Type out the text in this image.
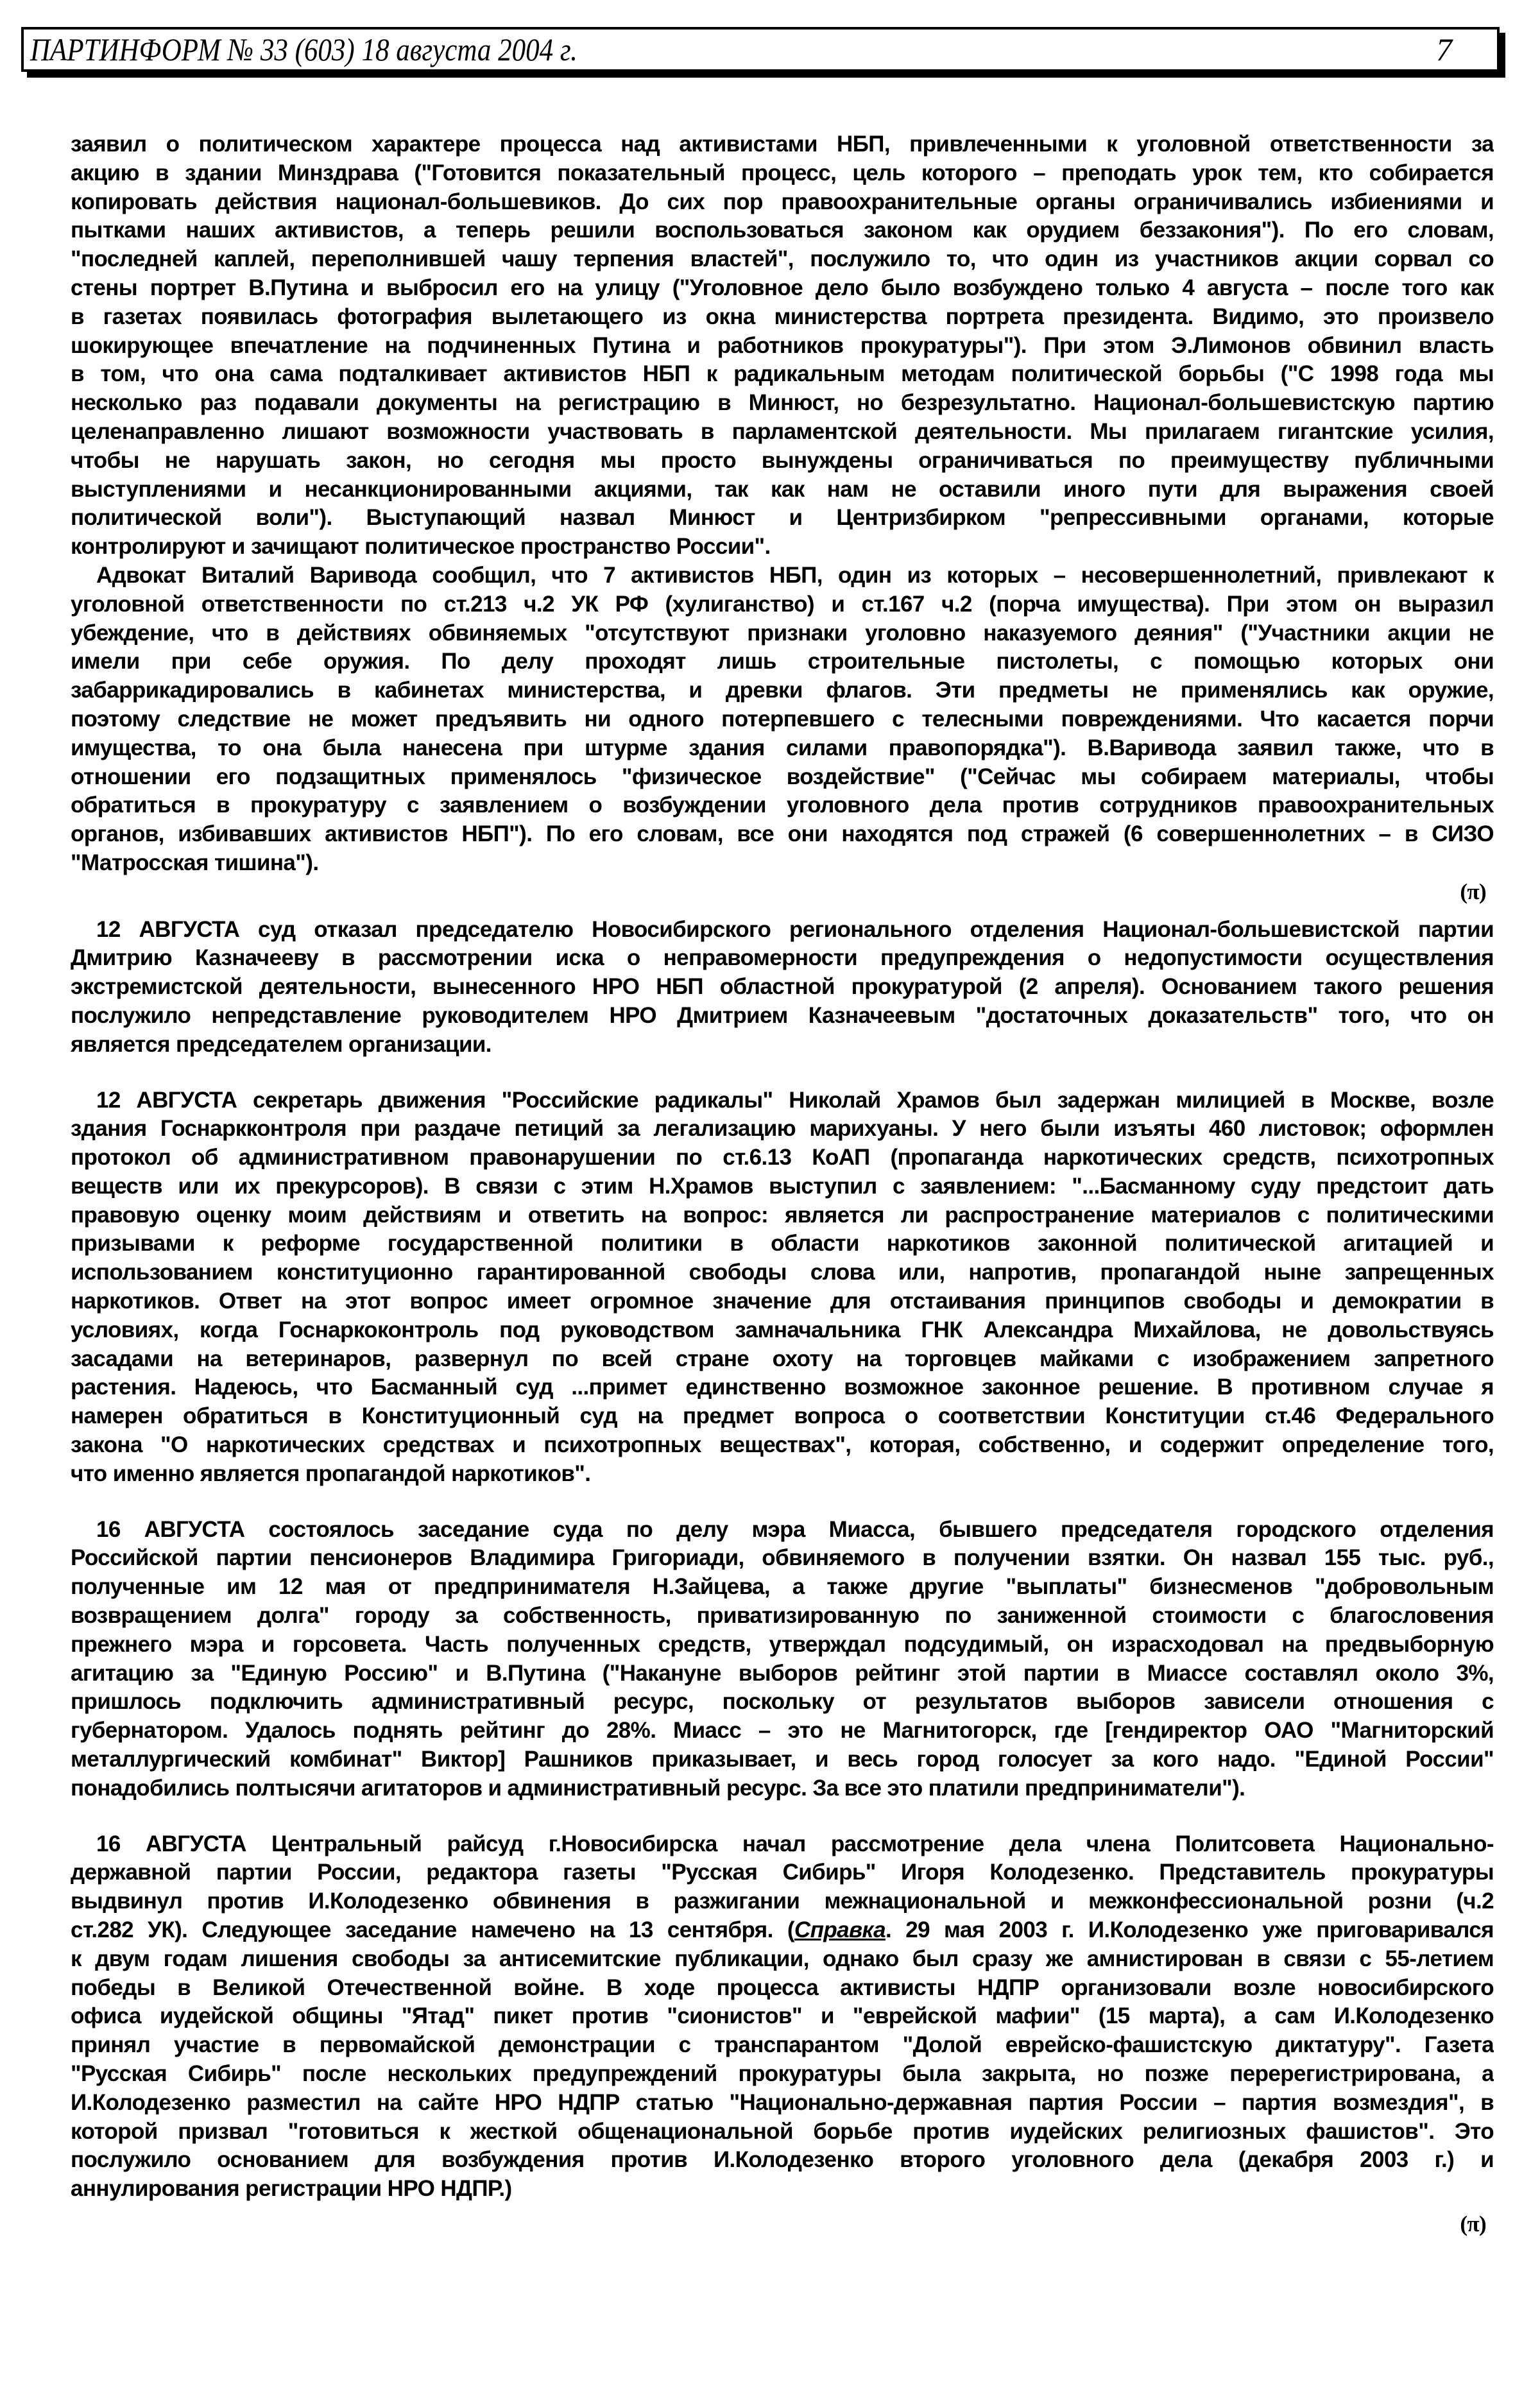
ПАРТИНФОРМ № 33 (603) 18 августа 2004 г.	7
заявил о политическом характере процесса над активистами НБП, привлеченными к уголовной ответственности за
акцию в здании Минздрава ("Готовится показательный процесс, цель которого – преподать урок тем, кто собирается
копировать действия национал-большевиков. До сих пор правоохранительные органы ограничивались избиениями и
пытками наших активистов, а теперь решили воспользоваться законом как орудием беззакония"). По его словам,
"последней каплей, переполнившей чашу терпения властей", послужило то, что один из участников акции сорвал со
стены портрет В.Путина и выбросил его на улицу ("Уголовное дело было возбуждено только 4 августа – после того как
в газетах появилась фотография вылетающего из окна министерства портрета президента. Видимо, это произвело
шокирующее впечатление на подчиненных Путина и работников прокуратуры"). При этом Э.Лимонов обвинил власть
в том, что она сама подталкивает активистов НБП к радикальным методам политической борьбы ("С 1998 года мы
несколько раз подавали документы на регистрацию в Минюст, но безрезультатно. Национал-большевистскую партию
целенаправленно лишают возможности участвовать в парламентской деятельности. Мы прилагаем гигантские усилия,
чтобы не нарушать закон, но сегодня мы просто вынуждены ограничиваться по преимуществу публичными
выступлениями и несанкционированными акциями, так как нам не оставили иного пути для выражения своей
политической воли"). Выступающий назвал Минюст и Центризбирком "репрессивными органами, которые
контролируют и зачищают политическое пространство России".
Адвокат Виталий Варивода сообщил, что 7 активистов НБП, один из которых – несовершеннолетний, привлекают к
уголовной ответственности по ст.213 ч.2 УК РФ (хулиганство) и ст.167 ч.2 (порча имущества). При этом он выразил
убеждение, что в действиях обвиняемых "отсутствуют признаки уголовно наказуемого деяния" ("Участники акции не
имели при себе оружия. По делу проходят лишь строительные пистолеты, с помощью которых они
забаррикадировались в кабинетах министерства, и древки флагов. Эти предметы не применялись как оружие,
поэтому следствие не может предъявить ни одного потерпевшего с телесными повреждениями. Что касается порчи
имущества, то она была нанесена при штурме здания силами правопорядка"). В.Варивода заявил также, что в
отношении его подзащитных применялось "физическое воздействие" ("Сейчас мы собираем материалы, чтобы
обратиться в прокуратуру с заявлением о возбуждении уголовного дела против сотрудников правоохранительных
органов, избивавших активистов НБП"). По его словам, все они находятся под стражей (6 совершеннолетних – в СИЗО
"Матросская тишина").
(π)
12 АВГУСТА суд отказал председателю Новосибирского регионального отделения Национал-большевистской партии
Дмитрию Казначееву в рассмотрении иска о неправомерности предупреждения о недопустимости осуществления
экстремистской деятельности, вынесенного НРО НБП областной прокуратурой (2 апреля). Основанием такого решения
послужило непредставление руководителем НРО Дмитрием Казначеевым "достаточных доказательств" того, что он
является председателем организации.
12 АВГУСТА секретарь движения "Российские радикалы" Николай Храмов был задержан милицией в Москве, возле
здания Госнаркконтроля при раздаче петиций за легализацию марихуаны. У него были изъяты 460 листовок; оформлен
протокол об административном правонарушении по ст.6.13 КоАП (пропаганда наркотических средств, психотропных
веществ или их прекурсоров). В связи с этим Н.Храмов выступил с заявлением: "...Басманному суду предстоит дать
правовую оценку моим действиям и ответить на вопрос: является ли распространение материалов с политическими
призывами к реформе государственной политики в области наркотиков законной политической агитацией и
использованием конституционно гарантированной свободы слова или, напротив, пропагандой ныне запрещенных
наркотиков. Ответ на этот вопрос имеет огромное значение для отстаивания принципов свободы и демократии в
условиях, когда Госнаркоконтроль под руководством замначальника ГНК Александра Михайлова, не довольствуясь
засадами на ветеринаров, развернул по всей стране охоту на торговцев майками с изображением запретного
растения. Надеюсь, что Басманный суд ...примет единственно возможное законное решение. В противном случае я
намерен обратиться в Конституционный суд на предмет вопроса о соответствии Конституции ст.46 Федерального
закона "О наркотических средствах и психотропных веществах", которая, собственно, и содержит определение того,
что именно является пропагандой наркотиков".
16 АВГУСТА состоялось заседание суда по делу мэра Миасса, бывшего председателя городского отделения
Российской партии пенсионеров Владимира Григориади, обвиняемого в получении взятки. Он назвал 155 тыс. руб.,
полученные им 12 мая от предпринимателя Н.Зайцева, а также другие "выплаты" бизнесменов "добровольным
возвращением долга" городу за собственность, приватизированную по заниженной стоимости с благословения
прежнего мэра и горсовета. Часть полученных средств, утверждал подсудимый, он израсходовал на предвыборную
агитацию за "Единую Россию" и В.Путина ("Накануне выборов рейтинг этой партии в Миассе составлял около 3%,
пришлось подключить административный ресурс, поскольку от результатов выборов зависели отношения с
губернатором. Удалось поднять рейтинг до 28%. Миасс – это не Магнитогорск, где [гендиректор ОАО "Магниторский
металлургический комбинат" Виктор] Рашников приказывает, и весь город голосует за кого надо. "Единой России"
понадобились полтысячи агитаторов и административный ресурс. За все это платили предприниматели").
16 АВГУСТА Центральный райсуд г.Новосибирска начал рассмотрение дела члена Политсовета Национально-
державной партии России, редактора газеты "Русская Сибирь" Игоря Колодезенко. Представитель прокуратуры
выдвинул против И.Колодезенко обвинения в разжигании межнациональной и межконфессиональной розни (ч.2
ст.282 УК). Следующее заседание намечено на 13 сентября. (Справка. 29 мая 2003 г. И.Колодезенко уже приговаривался
к двум годам лишения свободы за антисемитские публикации, однако был сразу же амнистирован в связи с 55-летием
победы в Великой Отечественной войне. В ходе процесса активисты НДПР организовали возле новосибирского
офиса иудейской общины "Ятад" пикет против "сионистов" и "еврейской мафии" (15 марта), а сам И.Колодезенко
принял участие в первомайской демонстрации с транспарантом "Долой еврейско-фашистскую диктатуру". Газета
"Русская Сибирь" после нескольких предупреждений прокуратуры была закрыта, но позже перерегистрирована, а
И.Колодезенко разместил на сайте НРО НДПР статью "Национально-державная партия России – партия возмездия", в
которой призвал "готовиться к жесткой общенациональной борьбе против иудейских религиозных фашистов". Это
послужило основанием для возбуждения против И.Колодезенко второго уголовного дела (декабря 2003 г.) и
аннулирования регистрации НРО НДПР.)
(π)
